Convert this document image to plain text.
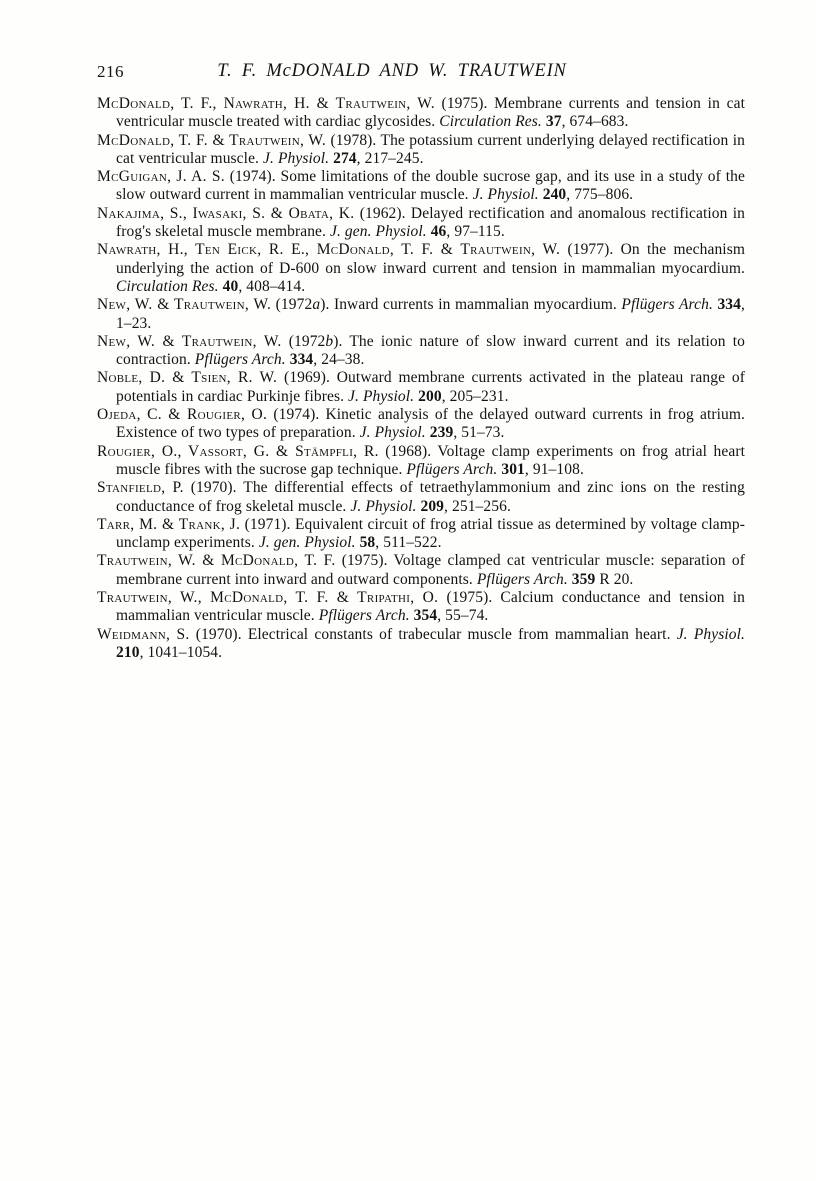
216	T. F. McDONALD AND W. TRAUTWEIN

McDonald, T. F., Nawrath, H. & Trautwein, W. (1975). Membrane currents and tension in cat ventricular muscle treated with cardiac glycosides. Circulation Res. 37, 674–683.

McDonald, T. F. & Trautwein, W. (1978). The potassium current underlying delayed rectification in cat ventricular muscle. J. Physiol. 274, 217–245.

McGuigan, J. A. S. (1974). Some limitations of the double sucrose gap, and its use in a study of the slow outward current in mammalian ventricular muscle. J. Physiol. 240, 775–806.

Nakajima, S., Iwasaki, S. & Obata, K. (1962). Delayed rectification and anomalous rectification in frog's skeletal muscle membrane. J. gen. Physiol. 46, 97–115.

Nawrath, H., Ten Eick, R. E., McDonald, T. F. & Trautwein, W. (1977). On the mechanism underlying the action of D-600 on slow inward current and tension in mammalian myocardium. Circulation Res. 40, 408–414.

New, W. & Trautwein, W. (1972a). Inward currents in mammalian myocardium. Pflügers Arch. 334, 1–23.

New, W. & Trautwein, W. (1972b). The ionic nature of slow inward current and its relation to contraction. Pflügers Arch. 334, 24–38.

Noble, D. & Tsien, R. W. (1969). Outward membrane currents activated in the plateau range of potentials in cardiac Purkinje fibres. J. Physiol. 200, 205–231.

Ojeda, C. & Rougier, O. (1974). Kinetic analysis of the delayed outward currents in frog atrium. Existence of two types of preparation. J. Physiol. 239, 51–73.

Rougier, O., Vassort, G. & Stämpfli, R. (1968). Voltage clamp experiments on frog atrial heart muscle fibres with the sucrose gap technique. Pflügers Arch. 301, 91–108.

Stanfield, P. (1970). The differential effects of tetraethylammonium and zinc ions on the resting conductance of frog skeletal muscle. J. Physiol. 209, 251–256.

Tarr, M. & Trank, J. (1971). Equivalent circuit of frog atrial tissue as determined by voltage clamp-unclamp experiments. J. gen. Physiol. 58, 511–522.

Trautwein, W. & McDonald, T. F. (1975). Voltage clamped cat ventricular muscle: separation of membrane current into inward and outward components. Pflügers Arch. 359 R 20.

Trautwein, W., McDonald, T. F. & Tripathi, O. (1975). Calcium conductance and tension in mammalian ventricular muscle. Pflügers Arch. 354, 55–74.

Weidmann, S. (1970). Electrical constants of trabecular muscle from mammalian heart. J. Physiol. 210, 1041–1054.
